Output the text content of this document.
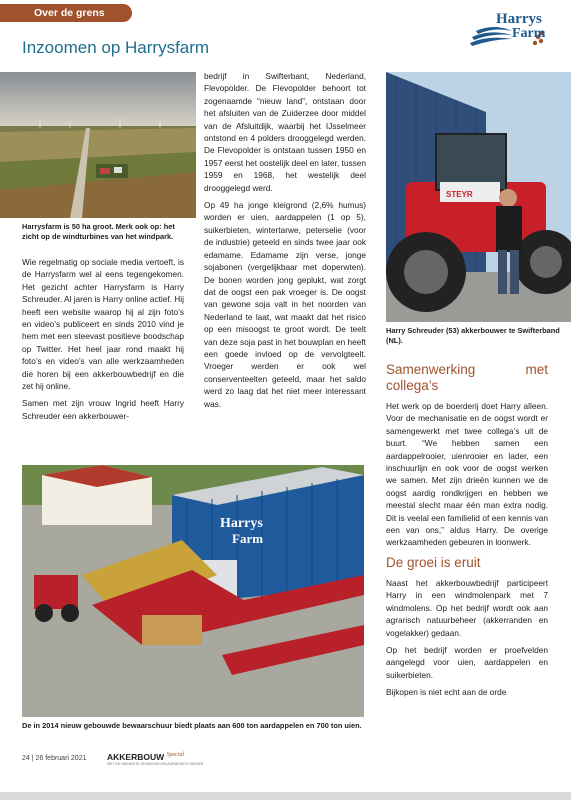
Over de grens
Inzoomen op Harrysfarm
Harrys
Farm
Harrysfarm is 50 ha groot. Merk ook op: het zicht op de windturbines van het windpark.
STEYR
Harry Schreuder (53) akkerbouwer te Swifterband (NL).
Harrys
Farm
De in 2014 nieuw gebouwde bewaarschuur biedt plaats aan 600 ton aardappelen en 700 ton uien.

Wie regelmatig op sociale media vertoeft, is de Harrysfarm wel al eens tegengekomen. Het gezicht achter Harrysfarm is Harry Schreuder. Al jaren is Harry online actief. Hij heeft een website waarop hij al zijn foto’s en video’s publiceert en sinds 2010 vind je hem met een steevast positieve boodschap op Twitter. Het heel jaar rond maakt hij foto’s en video’s van alle werkzaamheden die horen bij een akkerbouwbedrijf en die zet hij online.

Samen met zijn vrouw Ingrid heeft Harry Schreuder een akkerbouwer-

bedrijf in Swifterbant, Nederland, Flevopolder. De Flevopolder behoort tot zogenaamde “nieuw land”, ontstaan door het afsluiten van de Zuiderzee door middel van de Afsluitdijk, waarbij het IJsselmeer ontstond en 4 polders drooggelegd werden. De Flevopolder is ontstaan tussen 1950 en 1957 eerst het oostelijk deel en later, tussen 1959 en 1968, het westelijk deel drooggelegd werd.

Op 49 ha jonge kleigrond (2,6% humus) worden er uien, aardappelen (1 op 5), suikerbieten, wintertarwe, peterselie (voor de industrie) geteeld en sinds twee jaar ook edamame. Edamame zijn verse, jonge sojabonen (vergelijkbaar met doperwten). De bonen worden jong geplukt, wat zorgt dat de oogst een pak vroeger is. De oogst van gewone soja valt in het noorden van Nederland te laat, wat maakt dat het risico op een misoogst te groot wordt. De teelt van deze soja past in het bouwplan en heeft een goede invloed op de vervolgteelt. Vroeger werden er ook wel conserventeelten geteeld, maar het saldo werd zo laag dat het niet meer interessant was.

Samenwerking met collega’s

Het werk op de boerderij doet Harry alleen. Voor de mechanisatie en de oogst wordt er samengewerkt met twee collega’s uit de buurt. “We hebben samen een aardappelrooier, uienrooier en lader, een inschuurlijn en ook voor de oogst werken we samen. Met zijn drieën kunnen we de oogst aardig rondkrijgen en hebben we meestal slecht maar één man extra nodig. Dit is veelal een familielid of een kennis van een van ons,” aldus Harry. De overige werkzaamheden gebeuren in loonwerk.

De groei is eruit

Naast het akkerbouwbedrijf participeert Harry in een windmolenpark met 7 windmolens. Op het bedrijf wordt ook aan agrarisch natuurbeheer (akkerranden en vogelakker) gedaan.

Op het bedrijf worden er proefvelden aangelegd voor uien, aardappelen en suikerbieten.

Bijkopen is niet echt aan de orde

24 | 26 februari 2021 AKKERBOUW $^{Special}$
MET DE NIEUWSTE GEWASSEN EN AGRARISCH NIEUWS
